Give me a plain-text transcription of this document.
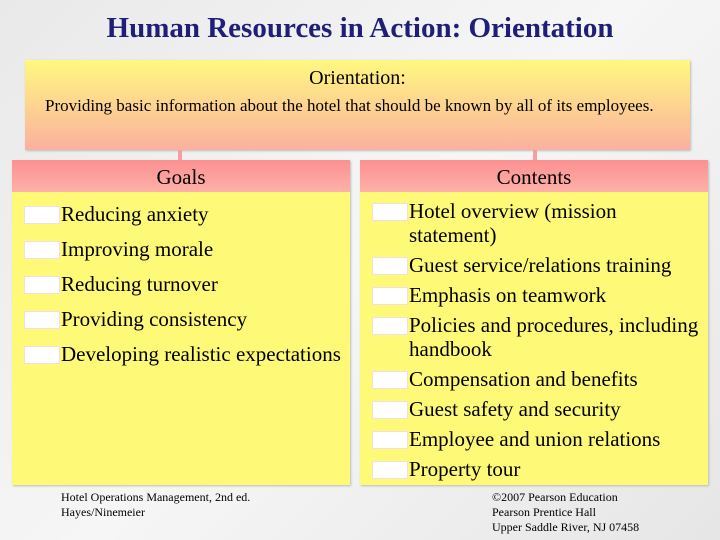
Human Resources in Action: Orientation
Orientation:
Providing basic information about the hotel that should be known by all of its employees.
Goals
Reducing anxiety
Improving morale
Reducing turnover
Providing consistency
Developing realistic expectations
Contents
Hotel overview (mission statement)
Guest service/relations training
Emphasis on teamwork
Policies and procedures, including handbook
Compensation and benefits
Guest safety and security
Employee and union relations
Property tour
Hotel Operations Management, 2nd ed.
Hayes/Ninemeier
©2007 Pearson Education
Pearson Prentice Hall
Upper Saddle River, NJ 07458
